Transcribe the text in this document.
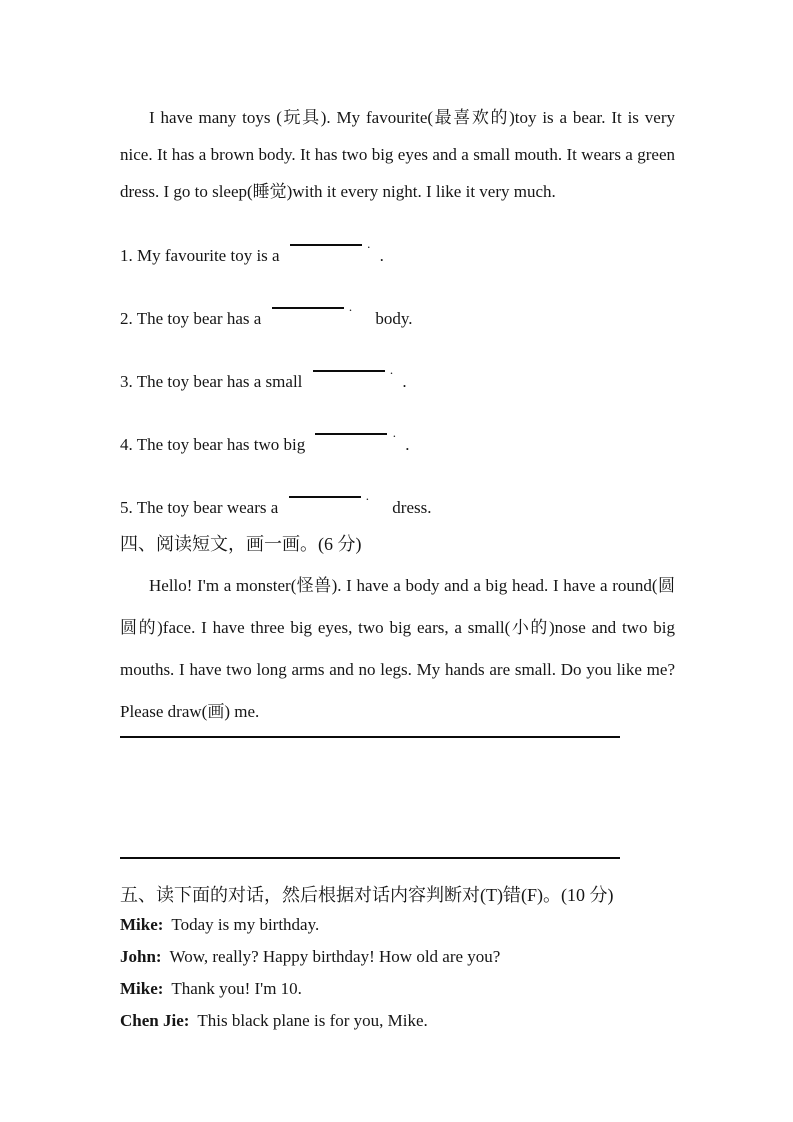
I have many toys (玩具). My favourite(最喜欢的)toy is a bear. It is very nice. It has a brown body. It has two big eyes and a small mouth. It wears a green dress. I go to sleep(睡觉)with it every night. I like it very much.

1. My favourite toy is a  . .
2. The toy bear has a  . body.
3. The toy bear has a small  . .
4. The toy bear has two big  . .
5. The toy bear wears a  . dress.
四、阅读短文，画一画。(6 分)

Hello! I'm a monster(怪兽). I have a body and a big head. I have a round(圆圆的)face. I have three big eyes, two big ears, a small(小的)nose and two big mouths. I have two long arms and no legs. My hands are small. Do you like me? Please draw(画) me.

五、读下面的对话，然后根据对话内容判断对(T)错(F)。(10 分)
Mike: Today is my birthday.
John: Wow, really? Happy birthday! How old are you?
Mike: Thank you! I'm 10.
Chen Jie: This black plane is for you, Mike.
